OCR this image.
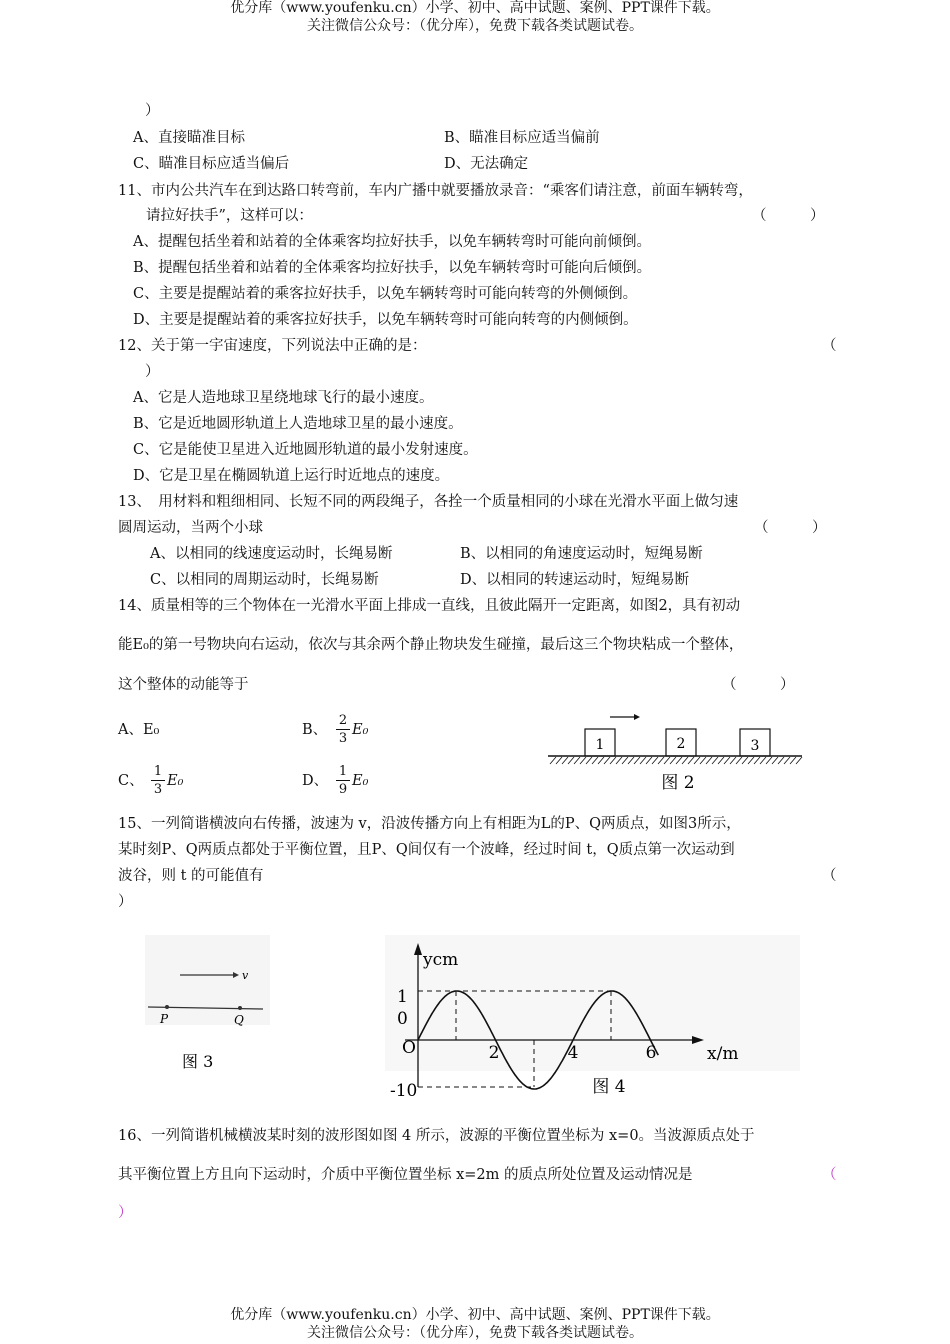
优分库（www.youfenku.cn）小学、初中、高中试题、案例、PPT课件下载。
关注微信公众号：（优分库），免费下载各类试题试卷。
）
A、直接瞄准目标	B、瞄准目标应适当偏前
C、瞄准目标应适当偏后	D、无法确定
11、市内公共汽车在到达路口转弯前，车内广播中就要播放录音：“乘客们请注意，前面车辆转弯，
请拉好扶手”，这样可以：	（　　　）
A、提醒包括坐着和站着的全体乘客均拉好扶手，以免车辆转弯时可能向前倾倒。
B、提醒包括坐着和站着的全体乘客均拉好扶手，以免车辆转弯时可能向后倾倒。
C、主要是提醒站着的乘客拉好扶手，以免车辆转弯时可能向转弯的外侧倾倒。
D、主要是提醒站着的乘客拉好扶手，以免车辆转弯时可能向转弯的内侧倾倒。
12、关于第一宇宙速度，下列说法中正确的是：	（
）
A、它是人造地球卫星绕地球飞行的最小速度。
B、它是近地圆形轨道上人造地球卫星的最小速度。
C、它是能使卫星进入近地圆形轨道的最小发射速度。
D、它是卫星在椭圆轨道上运行时近地点的速度。
13、　用材料和粗细相同、长短不同的两段绳子，各拴一个质量相同的小球在光滑水平面上做匀速
圆周运动，当两个小球	（　　　）
A、以相同的线速度运动时，长绳易断	B、以相同的角速度运动时，短绳易断
C、以相同的周期运动时，长绳易断	D、以相同的转速运动时，短绳易断
14、质量相等的三个物体在一光滑水平面上排成一直线，且彼此隔开一定距离，如图2，具有初动
能E₀的第一号物块向右运动，依次与其余两个静止物块发生碰撞，最后这三个物块粘成一个整体，
这个整体的动能等于	（　　　）
A、E₀	B、
2
3
E₀
C、
1
3
E₀	D、
1
9
E₀
1	2	3
图 2
15、一列简谐横波向右传播，波速为 v，沿波传播方向上有相距为L的P、Q两质点，如图3所示，
某时刻P、Q两质点都处于平衡位置，且P、Q间仅有一个波峰，经过时间 t，Q质点第一次运动到
波谷，则 t 的可能值有	（
）
v
P	Q
图 3
ycm
x/m
O
1
0
-10
2	4	6
图 4
16、一列简谐机械横波某时刻的波形图如图 4 所示，波源的平衡位置坐标为 x=0。当波源质点处于
其平衡位置上方且向下运动时，介质中平衡位置坐标 x=2m 的质点所处位置及运动情况是	（
）
优分库（www.youfenku.cn）小学、初中、高中试题、案例、PPT课件下载。
关注微信公众号：（优分库），免费下载各类试题试卷。
